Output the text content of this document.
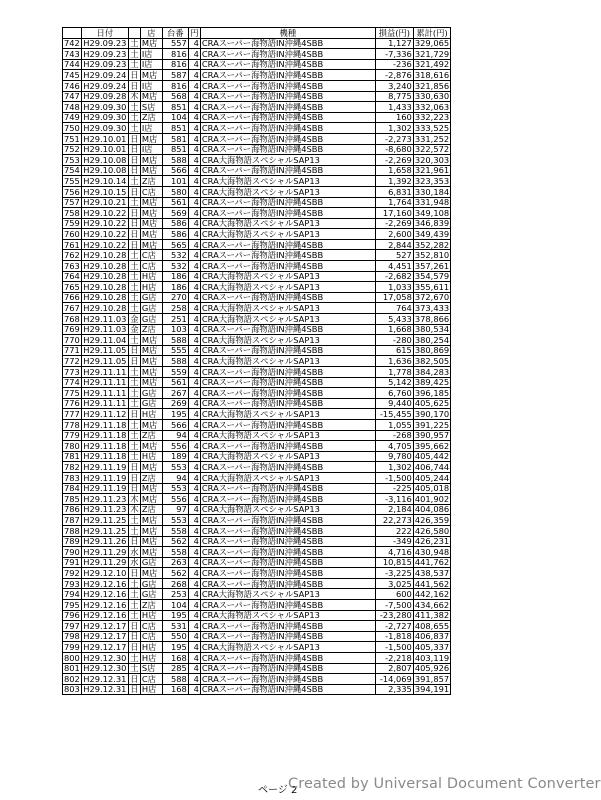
	日付		店	台番	円	機種	損益(円)	累計(円)
742	H29.09.23	土	M店	557	4	CRAスーパー海物語IN沖縄4SBB	1,127	329,065
743	H29.09.23	土	I店	816	4	CRAスーパー海物語IN沖縄4SBB	-7,336	321,729
744	H29.09.23	土	I店	816	4	CRAスーパー海物語IN沖縄4SBB	-236	321,492
745	H29.09.24	日	M店	587	4	CRAスーパー海物語IN沖縄4SBB	-2,876	318,616
746	H29.09.24	日	I店	816	4	CRAスーパー海物語IN沖縄4SBB	3,240	321,856
747	H29.09.28	木	M店	568	4	CRAスーパー海物語IN沖縄4SBB	8,775	330,630
748	H29.09.30	土	S店	851	4	CRAスーパー海物語IN沖縄4SBB	1,433	332,063
749	H29.09.30	土	Z店	104	4	CRAスーパー海物語IN沖縄4SBB	160	332,223
750	H29.09.30	土	I店	851	4	CRAスーパー海物語IN沖縄4SBB	1,302	333,525
751	H29.10.01	日	M店	581	4	CRAスーパー海物語IN沖縄4SBB	-2,273	331,252
752	H29.10.01	日	I店	851	4	CRAスーパー海物語IN沖縄4SBB	-8,680	322,572
753	H29.10.08	日	M店	588	4	CRA大海物語スペシャルSAP13	-2,269	320,303
754	H29.10.08	日	M店	566	4	CRAスーパー海物語IN沖縄4SBB	1,658	321,961
755	H29.10.14	土	Z店	101	4	CRA大海物語スペシャルSAP13	1,392	323,353
756	H29.10.15	日	C店	580	4	CRA大海物語スペシャルSAP13	6,831	330,184
757	H29.10.21	土	M店	561	4	CRAスーパー海物語IN沖縄4SBB	1,764	331,948
758	H29.10.22	日	M店	569	4	CRAスーパー海物語IN沖縄4SBB	17,160	349,108
759	H29.10.22	日	M店	586	4	CRA大海物語スペシャルSAP13	-2,269	346,839
760	H29.10.22	日	M店	586	4	CRA大海物語スペシャルSAP13	2,600	349,439
761	H29.10.22	日	M店	565	4	CRAスーパー海物語IN沖縄4SBB	2,844	352,282
762	H29.10.28	土	C店	532	4	CRAスーパー海物語IN沖縄4SBB	527	352,810
763	H29.10.28	土	C店	532	4	CRAスーパー海物語IN沖縄4SBB	4,451	357,261
764	H29.10.28	土	H店	186	4	CRA大海物語スペシャルSAP13	-2,682	354,579
765	H29.10.28	土	H店	186	4	CRA大海物語スペシャルSAP13	1,033	355,611
766	H29.10.28	土	G店	270	4	CRAスーパー海物語IN沖縄4SBB	17,058	372,670
767	H29.10.28	土	G店	258	4	CRA大海物語スペシャルSAP13	764	373,433
768	H29.11.03	金	G店	251	4	CRA大海物語スペシャルSAP13	5,433	378,866
769	H29.11.03	金	Z店	103	4	CRAスーパー海物語IN沖縄4SBB	1,668	380,534
770	H29.11.04	土	M店	588	4	CRA大海物語スペシャルSAP13	-280	380,254
771	H29.11.05	日	M店	555	4	CRAスーパー海物語IN沖縄4SBB	615	380,869
772	H29.11.05	日	M店	588	4	CRA大海物語スペシャルSAP13	1,636	382,505
773	H29.11.11	土	M店	559	4	CRAスーパー海物語IN沖縄4SBB	1,778	384,283
774	H29.11.11	土	M店	561	4	CRAスーパー海物語IN沖縄4SBB	5,142	389,425
775	H29.11.11	土	G店	267	4	CRAスーパー海物語IN沖縄4SBB	6,760	396,185
776	H29.11.11	土	G店	269	4	CRAスーパー海物語IN沖縄4SBB	9,440	405,625
777	H29.11.12	日	H店	195	4	CRA大海物語スペシャルSAP13	-15,455	390,170
778	H29.11.18	土	M店	566	4	CRAスーパー海物語IN沖縄4SBB	1,055	391,225
779	H29.11.18	土	Z店	94	4	CRA大海物語スペシャルSAP13	-268	390,957
780	H29.11.18	土	M店	556	4	CRAスーパー海物語IN沖縄4SBB	4,705	395,662
781	H29.11.18	土	H店	189	4	CRA大海物語スペシャルSAP13	9,780	405,442
782	H29.11.19	日	M店	553	4	CRAスーパー海物語IN沖縄4SBB	1,302	406,744
783	H29.11.19	日	Z店	94	4	CRA大海物語スペシャルSAP13	-1,500	405,244
784	H29.11.19	日	M店	553	4	CRAスーパー海物語IN沖縄4SBB	-225	405,018
785	H29.11.23	木	M店	556	4	CRAスーパー海物語IN沖縄4SBB	-3,116	401,902
786	H29.11.23	木	Z店	97	4	CRA大海物語スペシャルSAP13	2,184	404,086
787	H29.11.25	土	M店	553	4	CRAスーパー海物語IN沖縄4SBB	22,273	426,359
788	H29.11.25	土	M店	558	4	CRAスーパー海物語IN沖縄4SBB	222	426,580
789	H29.11.26	日	M店	562	4	CRAスーパー海物語IN沖縄4SBB	-349	426,231
790	H29.11.29	水	M店	558	4	CRAスーパー海物語IN沖縄4SBB	4,716	430,948
791	H29.11.29	水	G店	263	4	CRAスーパー海物語IN沖縄4SBB	10,815	441,762
792	H29.12.10	日	M店	562	4	CRAスーパー海物語IN沖縄4SBB	-3,225	438,537
793	H29.12.16	土	G店	268	4	CRAスーパー海物語IN沖縄4SBB	3,025	441,562
794	H29.12.16	土	G店	253	4	CRA大海物語スペシャルSAP13	600	442,162
795	H29.12.16	土	Z店	104	4	CRAスーパー海物語IN沖縄4SBB	-7,500	434,662
796	H29.12.16	土	H店	195	4	CRA大海物語スペシャルSAP13	-23,280	411,382
797	H29.12.17	日	C店	531	4	CRAスーパー海物語IN沖縄4SBB	-2,727	408,655
798	H29.12.17	日	C店	550	4	CRAスーパー海物語IN沖縄4SBB	-1,818	406,837
799	H29.12.17	日	H店	195	4	CRA大海物語スペシャルSAP13	-1,500	405,337
800	H29.12.30	土	H店	168	4	CRAスーパー海物語IN沖縄4SBB	-2,218	403,119
801	H29.12.30	土	S店	285	4	CRAスーパー海物語IN沖縄4SBB	2,807	405,926
802	H29.12.31	日	C店	588	4	CRAスーパー海物語IN沖縄4SBB	-14,069	391,857
803	H29.12.31	日	H店	168	4	CRAスーパー海物語IN沖縄4SBB	2,335	394,191
ページ 2
Created by Universal Document Converter
